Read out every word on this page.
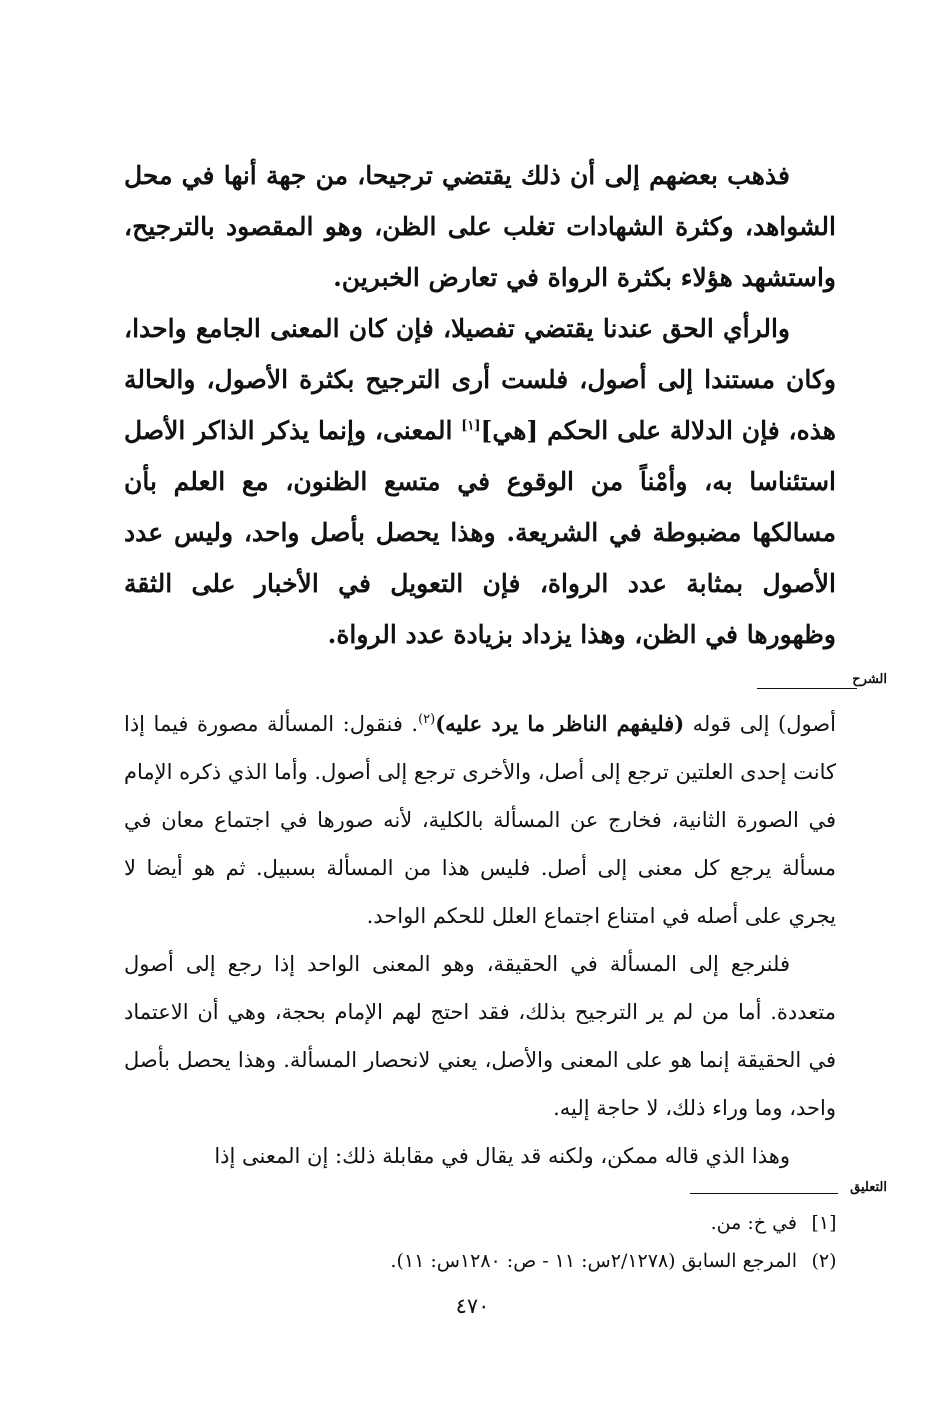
فذهب بعضهم إلى أن ذلك يقتضي ترجيحا، من جهة أنها في محل الشواهد، وكثرة الشهادات تغلب على الظن، وهو المقصود بالترجيح، واستشهد هؤلاء بكثرة الرواة في تعارض الخبرين.

والرأي الحق عندنا يقتضي تفصيلا، فإن كان المعنى الجامع واحدا، وكان مستندا إلى أصول، فلست أرى الترجيح بكثرة الأصول، والحالة هذه، فإن الدلالة على الحكم [هي][١] المعنى، وإنما يذكر الذاكر الأصل استئناسا به، وأمْناً من الوقوع في متسع الظنون، مع العلم بأن مسالكها مضبوطة في الشريعة. وهذا يحصل بأصل واحد، وليس عدد الأصول بمثابة عدد الرواة، فإن التعويل في الأخبار على الثقة وظهورها في الظن، وهذا يزداد بزيادة عدد الرواة.

الشرح

أصول) إلى قوله (فليفهم الناظر ما يرد عليه)$^{(٢)}$. فنقول: المسألة مصورة فيما إذا كانت إحدى العلتين ترجع إلى أصل، والأخرى ترجع إلى أصول. وأما الذي ذكره الإمام في الصورة الثانية، فخارج عن المسألة بالكلية، لأنه صورها في اجتماع معان في مسألة يرجع كل معنى إلى أصل. فليس هذا من المسألة بسبيل. ثم هو أيضا لا يجري على أصله في امتناع اجتماع العلل للحكم الواحد.

فلنرجع إلى المسألة في الحقيقة، وهو المعنى الواحد إذا رجع إلى أصول متعددة. أما من لم ير الترجيح بذلك، فقد احتج لهم الإمام بحجة، وهي أن الاعتماد في الحقيقة إنما هو على المعنى والأصل، يعني لانحصار المسألة. وهذا يحصل بأصل واحد، وما وراء ذلك، لا حاجة إليه.

وهذا الذي قاله ممكن، ولكنه قد يقال في مقابلة ذلك: إن المعنى إذا

التعليق
[١]في خ: من.
(٢)المرجع السابق (٢/١٢٧٨س: ١١ - ص: ١٢٨٠س: ١١).
٤٧٠
